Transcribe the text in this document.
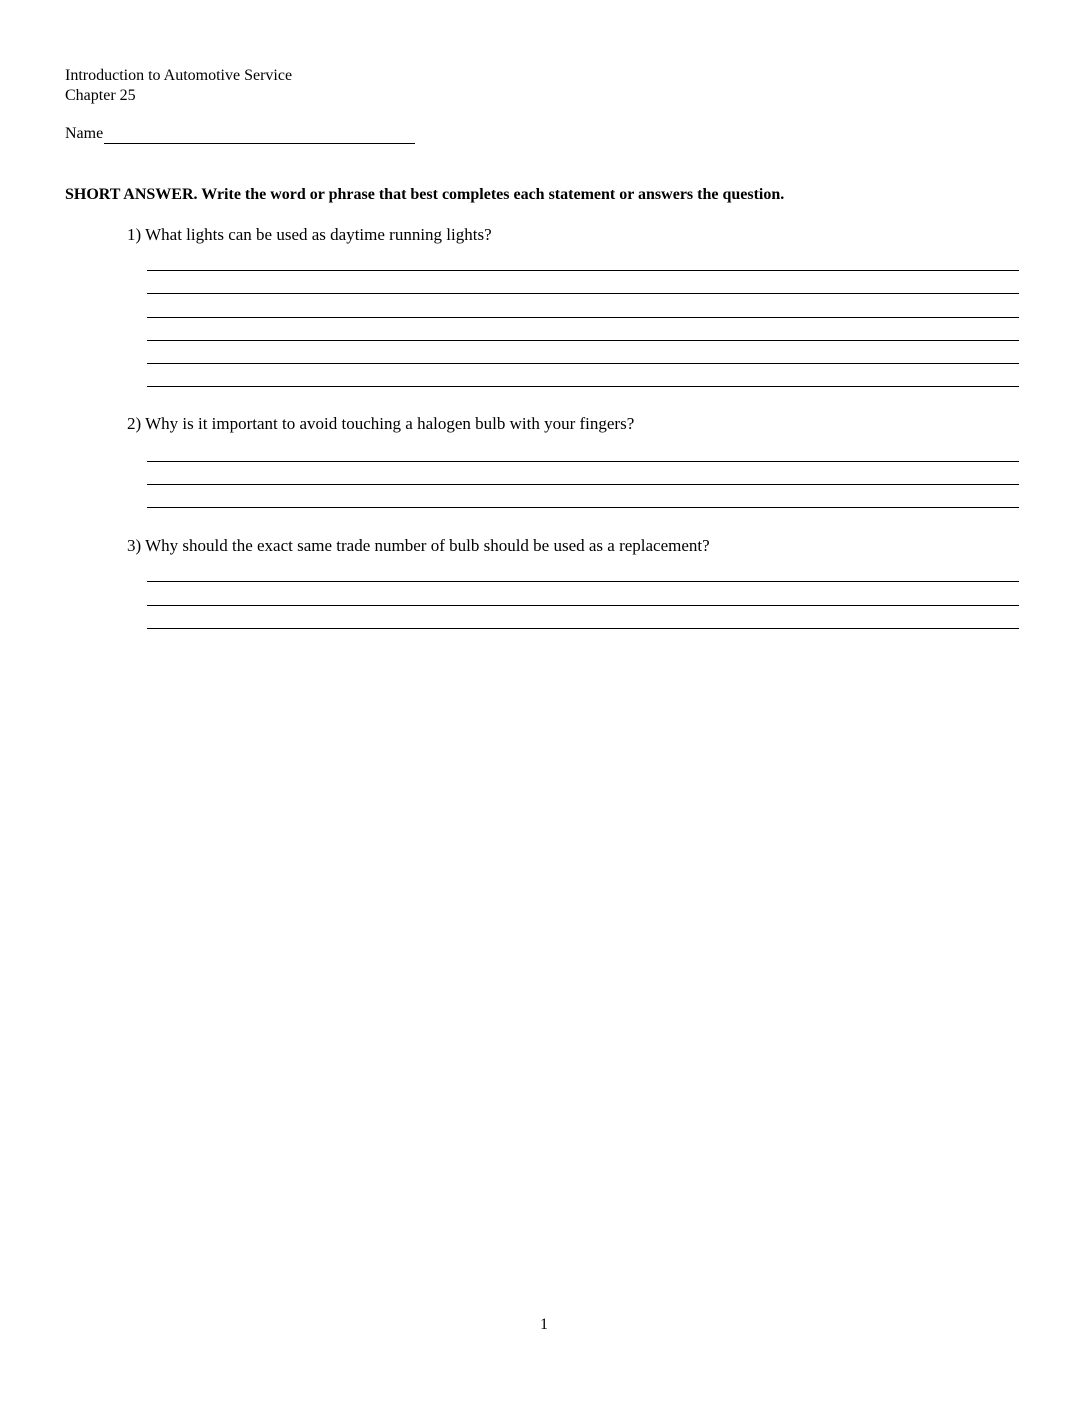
Introduction to Automotive Service
Chapter 25
Name
SHORT ANSWER. Write the word or phrase that best completes each statement or answers the question.
1) What lights can be used as daytime running lights?
2) Why is it important to avoid touching a halogen bulb with your fingers?
3) Why should the exact same trade number of bulb should be used as a replacement?
1
